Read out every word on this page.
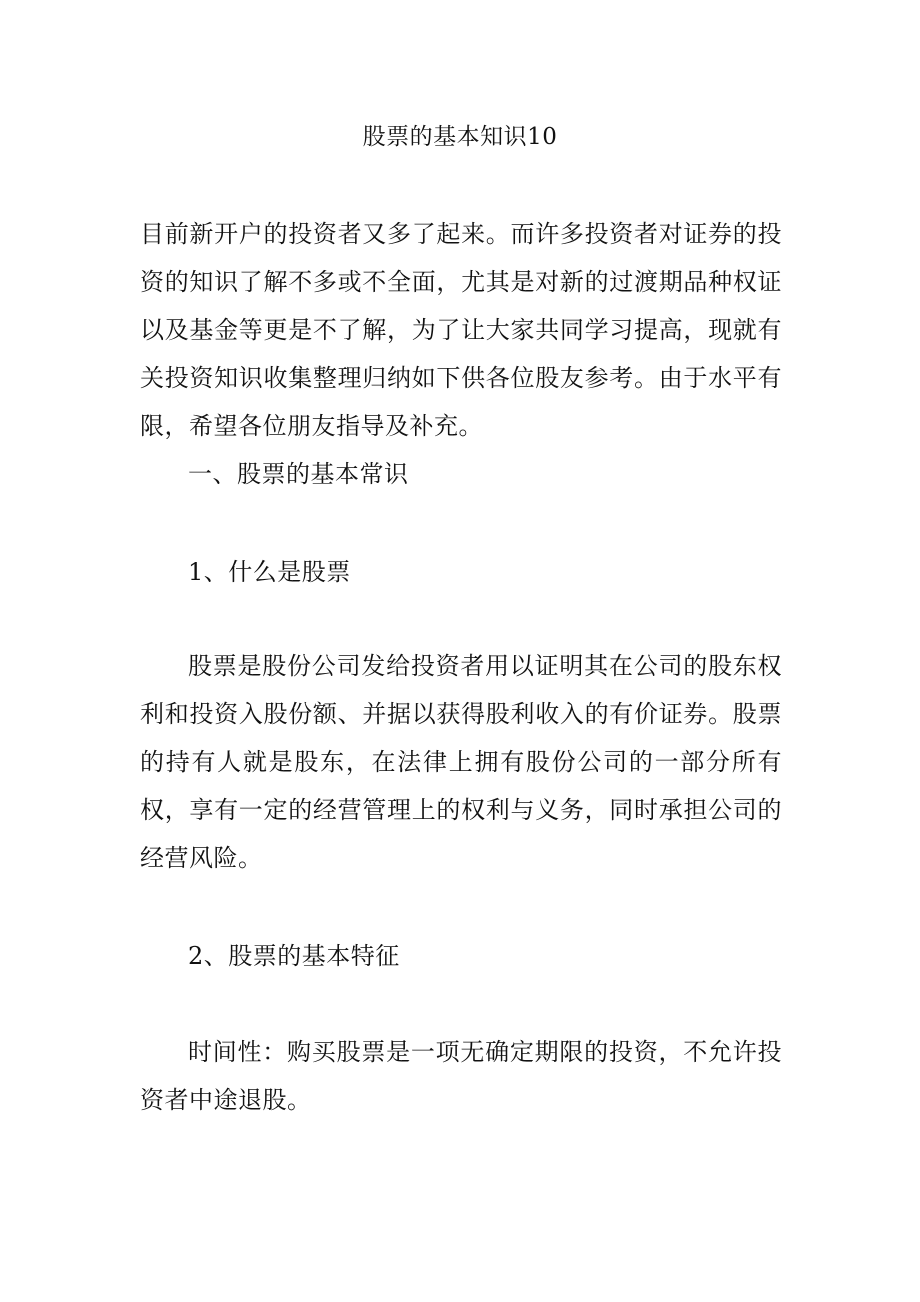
股票的基本知识10
目前新开户的投资者又多了起来。而许多投资者对证券的投资的知识了解不多或不全面，尤其是对新的过渡期品种权证以及基金等更是不了解，为了让大家共同学习提高，现就有关投资知识收集整理归纳如下供各位股友参考。由于水平有限，希望各位朋友指导及补充。
一、股票的基本常识
1、什么是股票
股票是股份公司发给投资者用以证明其在公司的股东权利和投资入股份额、并据以获得股利收入的有价证券。股票的持有人就是股东，在法律上拥有股份公司的一部分所有权，享有一定的经营管理上的权利与义务，同时承担公司的经营风险。
2、股票的基本特征
时间性：购买股票是一项无确定期限的投资，不允许投资者中途退股。
